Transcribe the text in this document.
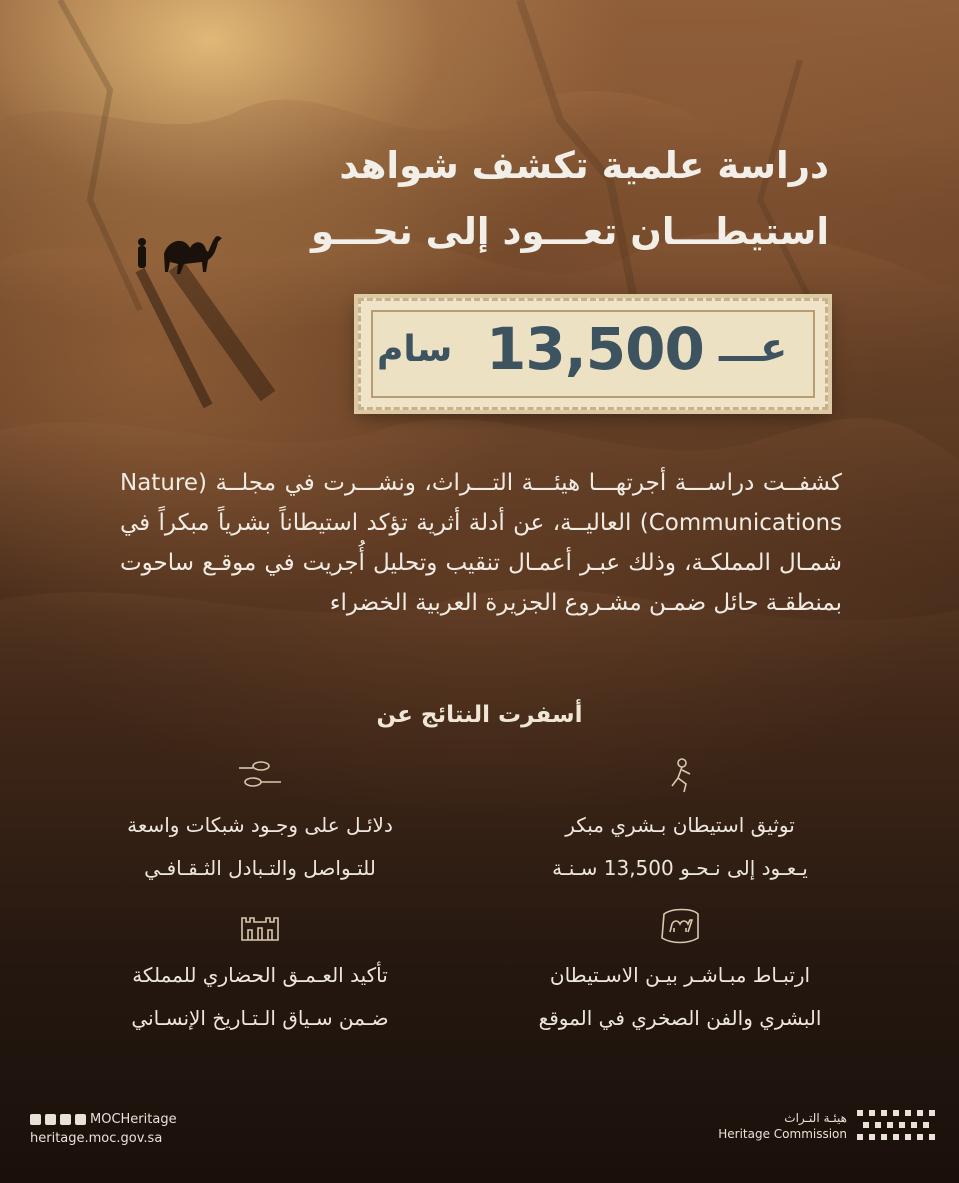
دراسة علمية تكشف شواهد
استيطـــان تعـــود إلى نحـــو
سام 13,500 عـــ
كشفــت دراســـة أجرتهـــا هيئـــة التـــراث، ونشـــرت في مجلــة (Nature Communications) العاليــة، عن أدلة أثرية تؤكد استيطاناً بشرياً مبكراً في شمـال المملكـة، وذلك عبـر أعمـال تنقيب وتحليل أُجريت في موقـع ساحوت بمنطقـة حائل ضمـن مشـروع الجزيرة العربية الخضراء
أسفرت النتائج عن
توثيق استيطان بـشري مبكر
يـعـود إلى نـحـو 13,500 سـنـة
دلائـل على وجـود شبكات واسعة
للتـواصل والتـبادل الثـقـافـي
ارتبـاط مبـاشـر بيـن الاسـتيطان
البشري والفن الصخري في الموقع
تأكيد العـمـق الحضاري للمملكة
ضـمن سـياق الـتـاريخ الإنسـاني
MOCHeritage
heritage.moc.gov.sa
هيئـة التـراث
Heritage Commission
